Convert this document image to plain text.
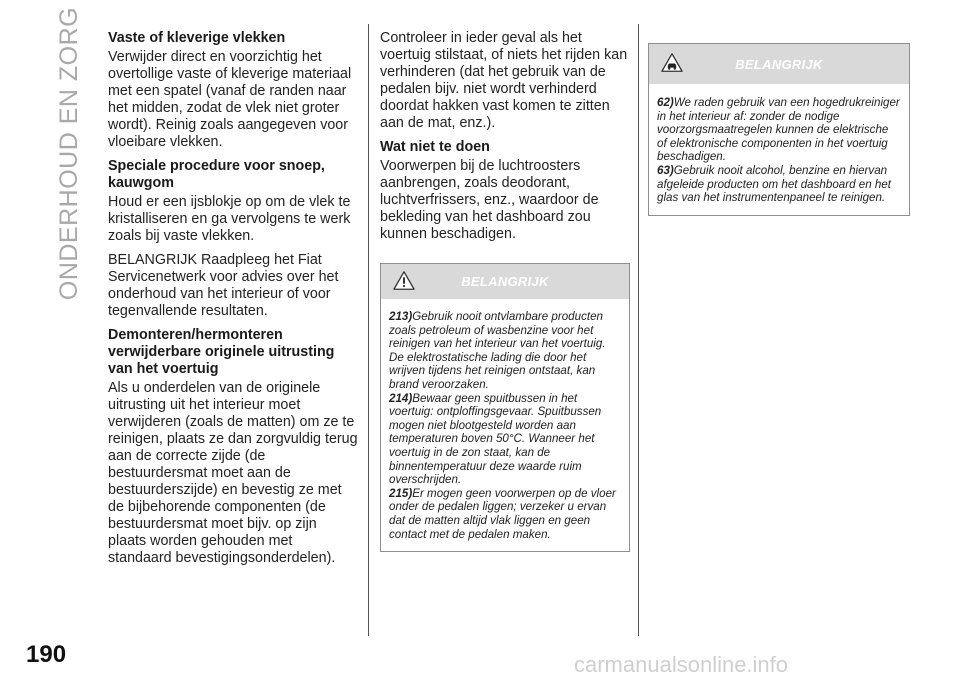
ONDERHOUD EN ZORG Vaste of kleverige vlekken

Verwijder direct en voorzichtig het overtollige vaste of kleverige materiaal met een spatel (vanaf de randen naar het midden, zodat de vlek niet groter wordt). Reinig zoals aangegeven voor vloeibare vlekken.

Speciale procedure voor snoep, kauwgom

Houd er een ijsblokje op om de vlek te kristalliseren en ga vervolgens te werk zoals bij vaste vlekken.

BELANGRIJK Raadpleeg het Fiat Servicenetwerk voor advies over het onderhoud van het interieur of voor tegenvallende resultaten.

Demonteren/hermonteren verwijderbare originele uitrusting van het voertuig

Als u onderdelen van de originele uitrusting uit het interieur moet verwijderen (zoals de matten) om ze te reinigen, plaats ze dan zorgvuldig terug aan de correcte zijde (de bestuurdersmat moet aan de bestuurderszijde) en bevestig ze met de bijbehorende componenten (de bestuurdersmat moet bijv. op zijn plaats worden gehouden met standaard bevestigingsonderdelen).

Controleer in ieder geval als het voertuig stilstaat, of niets het rijden kan verhinderen (dat het gebruik van de pedalen bijv. niet wordt verhinderd doordat hakken vast komen te zitten aan de mat, enz.).

Wat niet te doen

Voorwerpen bij de luchtroosters aanbrengen, zoals deodorant, luchtverfrissers, enz., waardoor de bekleding van het dashboard zou kunnen beschadigen.

BELANGRIJK

213)Gebruik nooit ontvlambare producten zoals petroleum of wasbenzine voor het reinigen van het interieur van het voertuig. De elektrostatische lading die door het wrijven tijdens het reinigen ontstaat, kan brand veroorzaken.

214)Bewaar geen spuitbussen in het voertuig: ontploffingsgevaar. Spuitbussen mogen niet blootgesteld worden aan temperaturen boven 50°C. Wanneer het voertuig in de zon staat, kan de binnentemperatuur deze waarde ruim overschrijden.

215)Er mogen geen voorwerpen op de vloer onder de pedalen liggen; verzeker u ervan dat de matten altijd vlak liggen en geen contact met de pedalen maken.

BELANGRIJK

62)We raden gebruik van een hogedrukreiniger in het interieur af: zonder de nodige voorzorgsmaatregelen kunnen de elektrische of elektronische componenten in het voertuig beschadigen.

63)Gebruik nooit alcohol, benzine en hiervan afgeleide producten om het dashboard en het glas van het instrumentenpaneel te reinigen.

190	carmanualsonline.info
